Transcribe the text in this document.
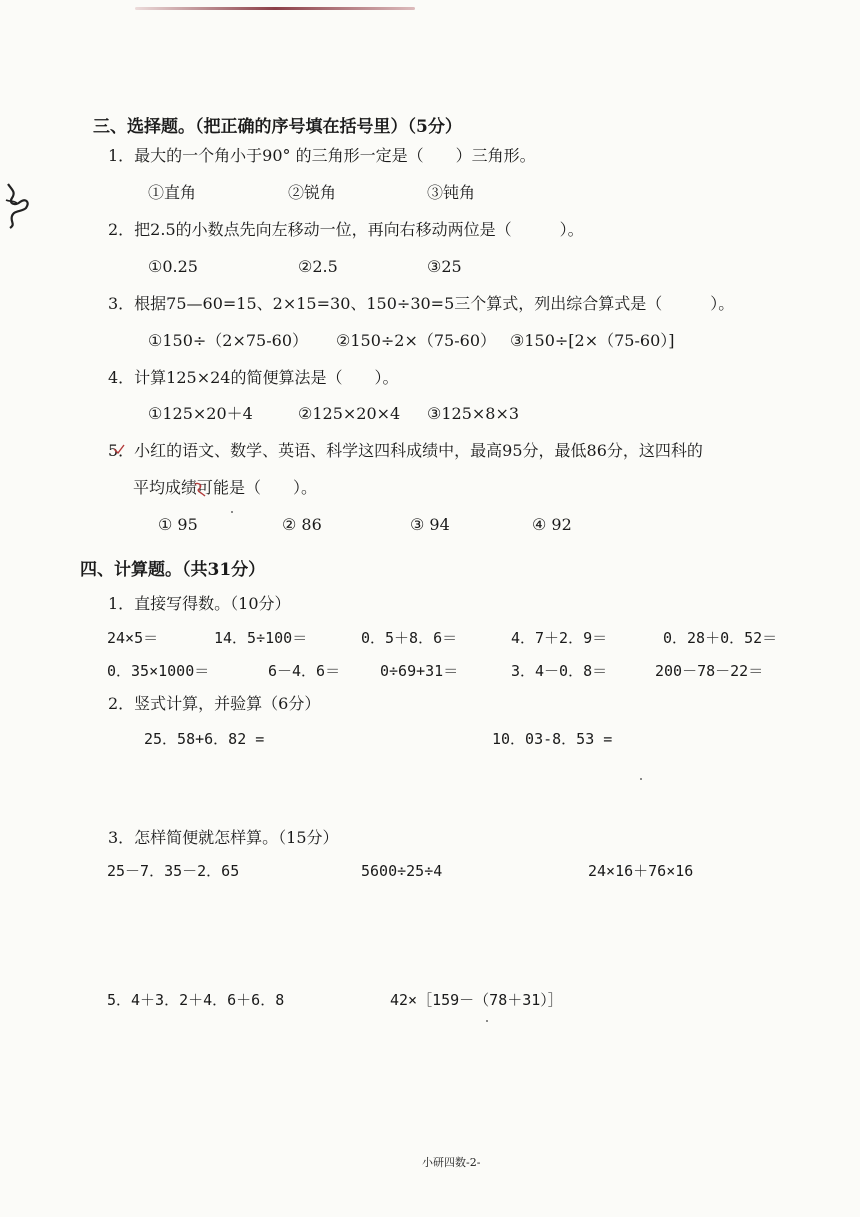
三、选择题。（把正确的序号填在括号里）（5分）
1．最大的一个角小于90° 的三角形一定是（　　）三角形。
①直角	②锐角	③钝角
2．把2.5的小数点先向左移动一位，再向右移动两位是（　　　）。
①0.25	②2.5	③25
3．根据75—60=15、2×15=30、150÷30=5三个算式，列出综合算式是（　　　）。
①150÷（2×75-60） ②150÷2×（75-60） ③150÷[2×（75-60）]
4．计算125×24的简便算法是（　　）。
①125×20＋4	②125×20×4 ③125×8×3
5．小红的语文、数学、英语、科学这四科成绩中，最高95分，最低86分，这四科的
平均成绩可能是（　　）。
① 95	② 86	③ 94	④ 92
四、计算题。（共31分）
1．直接写得数。（10分）
24×5＝	14．5÷100＝	0．5＋8．6＝	4．7＋2．9＝	0．28＋0．52＝
0．35×1000＝	6－4．6＝	0÷69+31＝	3．4－0．8＝	200－78－22＝
2．竖式计算，并验算（6分）
25．58+6．82 =	10．03-8．53 =
3．怎样简便就怎样算。（15分）
25－7．35－2．65	5600÷25÷4	24×16＋76×16
5．4＋3．2＋4．6＋6．8	42×［159－（78＋31）］
小研四数-2-
